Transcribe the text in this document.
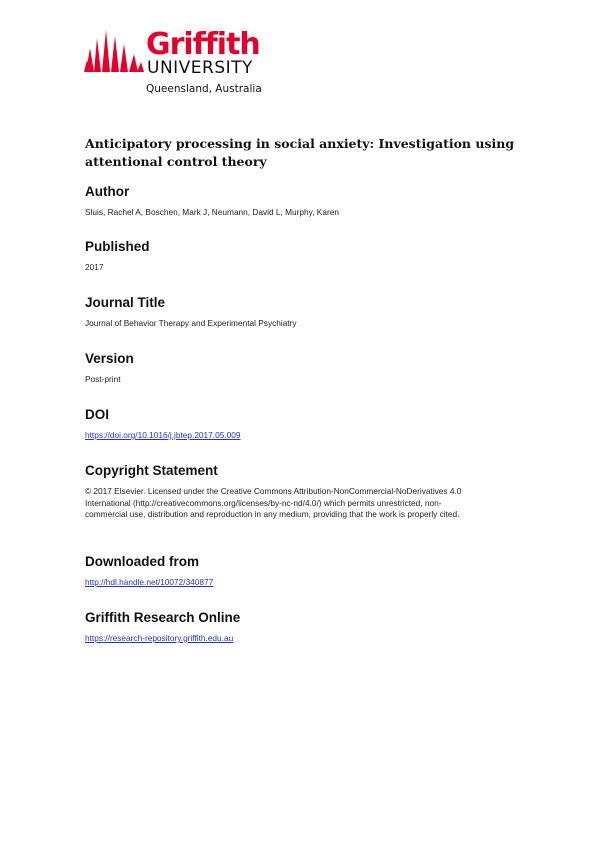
Griffith
UNIVERSITY
Queensland, Australia
Anticipatory processing in social anxiety: Investigation using attentional control theory
Author

Sluis, Rachel A, Boschen, Mark J, Neumann, David L, Murphy, Karen

Published

2017

Journal Title

Journal of Behavior Therapy and Experimental Psychiatry

Version

Post-print

DOI

https://doi.org/10.1016/j.jbtep.2017.05.009

Copyright Statement

© 2017 Elsevier. Licensed under the Creative Commons Attribution-NonCommercial-NoDerivatives 4.0 International (http://creativecommons.org/licenses/by-nc-nd/4.0/) which permits unrestricted, non-commercial use, distribution and reproduction in any medium, providing that the work is properly cited.

Downloaded from

http://hdl.handle.net/10072/340877

Griffith Research Online

https://research-repository.griffith.edu.au
